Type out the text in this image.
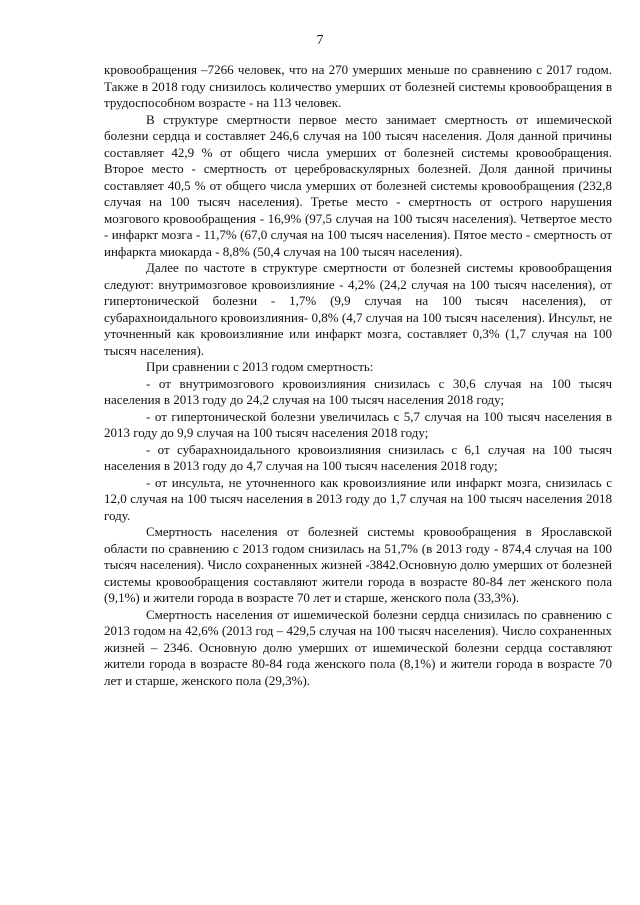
7

кровообращения –7266 человек, что на 270 умерших меньше по сравнению с 2017 годом. Также в 2018 году снизилось количество умерших от болезней системы кровообращения в трудоспособном возрасте - на 113 человек.

В структуре смертности первое место занимает смертность от ишемической болезни сердца и составляет 246,6 случая на 100 тысяч населения. Доля данной причины составляет 42,9 % от общего числа умерших от болезней системы кровообращения. Второе место - смертность от цереброваскулярных болезней. Доля данной причины составляет 40,5 % от общего числа умерших от болезней системы кровообращения (232,8 случая на 100 тысяч населения). Третье место - смертность от острого нарушения мозгового кровообращения - 16,9% (97,5 случая на 100 тысяч населения). Четвертое место - инфаркт мозга - 11,7% (67,0 случая на 100 тысяч населения). Пятое место - смертность от инфаркта миокарда - 8,8% (50,4 случая на 100 тысяч населения).

Далее по частоте в структуре смертности от болезней системы кровообращения следуют: внутримозговое кровоизлияние - 4,2% (24,2 случая на 100 тысяч населения), от гипертонической болезни - 1,7% (9,9 случая на 100 тысяч населения), от субарахноидального кровоизлияния- 0,8% (4,7 случая на 100 тысяч населения). Инсульт, не уточненный как кровоизлияние или инфаркт мозга, составляет 0,3% (1,7 случая на 100 тысяч населения).

При сравнении с 2013 годом смертность:

- от внутримозгового кровоизлияния снизилась с 30,6 случая на 100 тысяч населения в 2013 году до 24,2 случая на 100 тысяч населения 2018 году;

- от гипертонической болезни увеличилась с 5,7 случая на 100 тысяч населения в 2013 году до 9,9 случая на 100 тысяч населения 2018 году;

- от субарахноидального кровоизлияния снизилась с 6,1 случая на 100 тысяч населения в 2013 году до 4,7 случая на 100 тысяч населения 2018 году;

- от инсульта, не уточненного как кровоизлияние или инфаркт мозга, снизилась с 12,0 случая на 100 тысяч населения в 2013 году до 1,7 случая на 100 тысяч населения 2018 году.

Смертность населения от болезней системы кровообращения в Ярославской области по сравнению с 2013 годом снизилась на 51,7% (в 2013 году - 874,4 случая на 100 тысяч населения). Число сохраненных жизней -3842.Основную долю умерших от болезней системы кровообращения составляют жители города в возрасте 80-84 лет женского пола (9,1%) и жители города в возрасте 70 лет и старше, женского пола (33,3%).

Смертность населения от ишемической болезни сердца снизилась по сравнению с 2013 годом на 42,6% (2013 год – 429,5 случая на 100 тысяч населения). Число сохраненных жизней – 2346. Основную долю умерших от ишемической болезни сердца составляют жители города в возрасте 80-84 года женского пола (8,1%) и жители города в возрасте 70 лет и старше, женского пола (29,3%).
